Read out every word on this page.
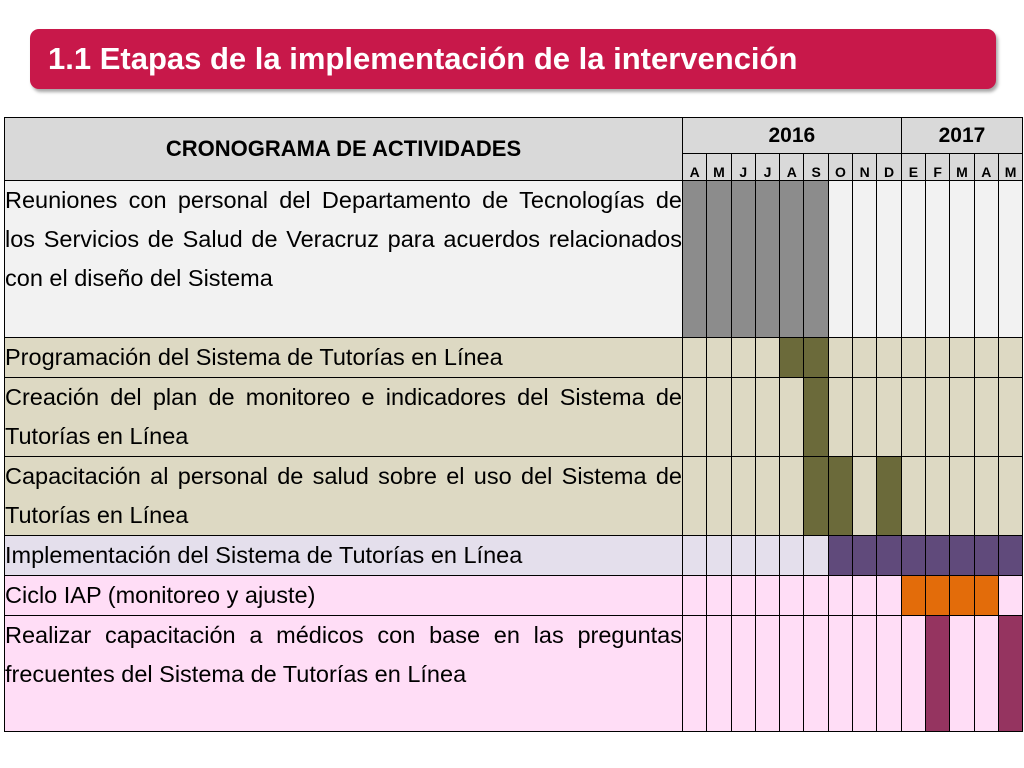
1.1 Etapas de la implementación de la intervención
CRONOGRAMA DE ACTIVIDADES	2016									2017				
	A	M	J	J	A	S	O	N	D	E	F	M	A	M
Reuniones con personal del Departamento de Tecnologías de los Servicios de Salud de Veracruz para acuerdos relacionados con el diseño del Sistema														
Programación del Sistema de Tutorías en Línea														
Creación del plan de monitoreo e indicadores del Sistema de Tutorías en Línea														
Capacitación al personal de salud sobre el uso del Sistema de Tutorías en Línea														
Implementación del Sistema de Tutorías en Línea														
Ciclo IAP (monitoreo y ajuste)														
Realizar capacitación a médicos con base en las preguntas frecuentes del Sistema de Tutorías en Línea														
